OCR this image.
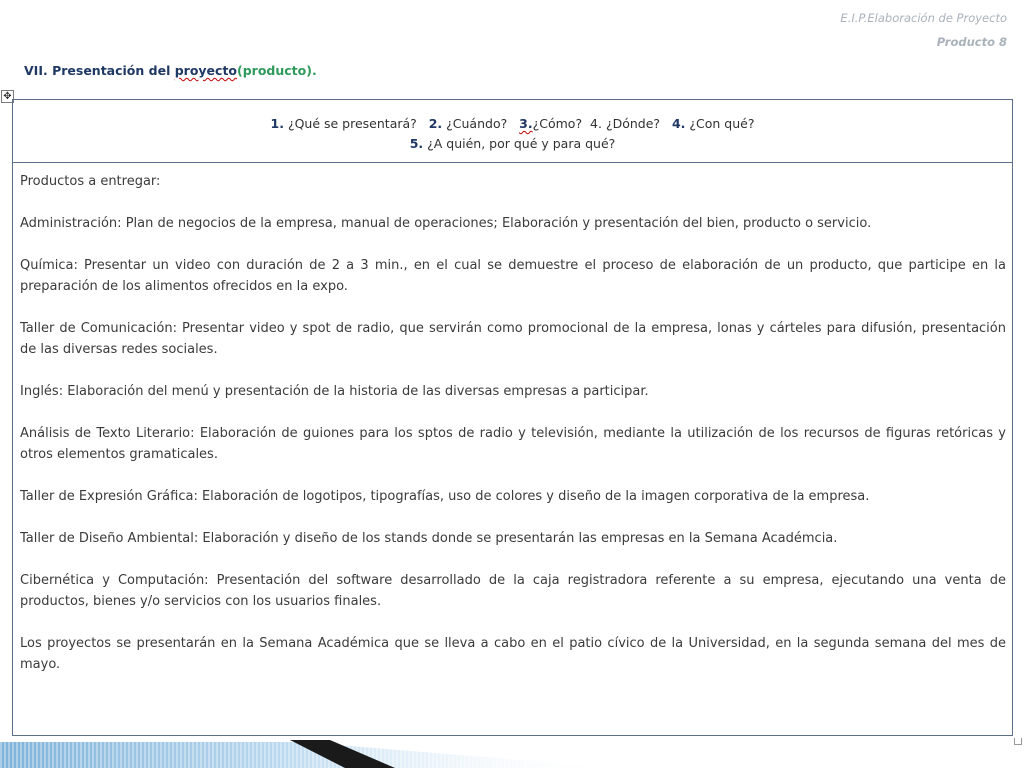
E.I.P.Elaboración de Proyecto
Producto 8
VII. Presentación del proyecto(producto).
✥
1. ¿Qué se presentará? 2. ¿Cuándo? 3.¿Cómo? 4. ¿Dónde? 4. ¿Con qué?
5. ¿A quién, por qué y para qué?

Productos a entregar:

Administración: Plan de negocios de la empresa, manual de operaciones; Elaboración y presentación del bien, producto o servicio.

Química: Presentar un video con duración de 2 a 3 min., en el cual se demuestre el proceso de elaboración de un producto, que participe en la preparación de los alimentos ofrecidos en la expo.

Taller de Comunicación: Presentar video y spot de radio, que servirán como promocional de la empresa, lonas y cárteles para difusión, presentación de las diversas redes sociales.

Inglés: Elaboración del menú y presentación de la historia de las diversas empresas a participar.

Análisis de Texto Literario: Elaboración de guiones para los sptos de radio y televisión, mediante la utilización de los recursos de figuras retóricas y otros elementos gramaticales.

Taller de Expresión Gráfica: Elaboración de logotipos, tipografías, uso de colores y diseño de la imagen corporativa de la empresa.

Taller de Diseño Ambiental: Elaboración y diseño de los stands donde se presentarán las empresas en la Semana Académcia.

Cibernética y Computación: Presentación del software desarrollado de la caja registradora referente a su empresa, ejecutando una venta de productos, bienes y/o servicios con los usuarios finales.

Los proyectos se presentarán en la Semana Académica que se lleva a cabo en el patio cívico de la Universidad, en la segunda semana del mes de mayo.
